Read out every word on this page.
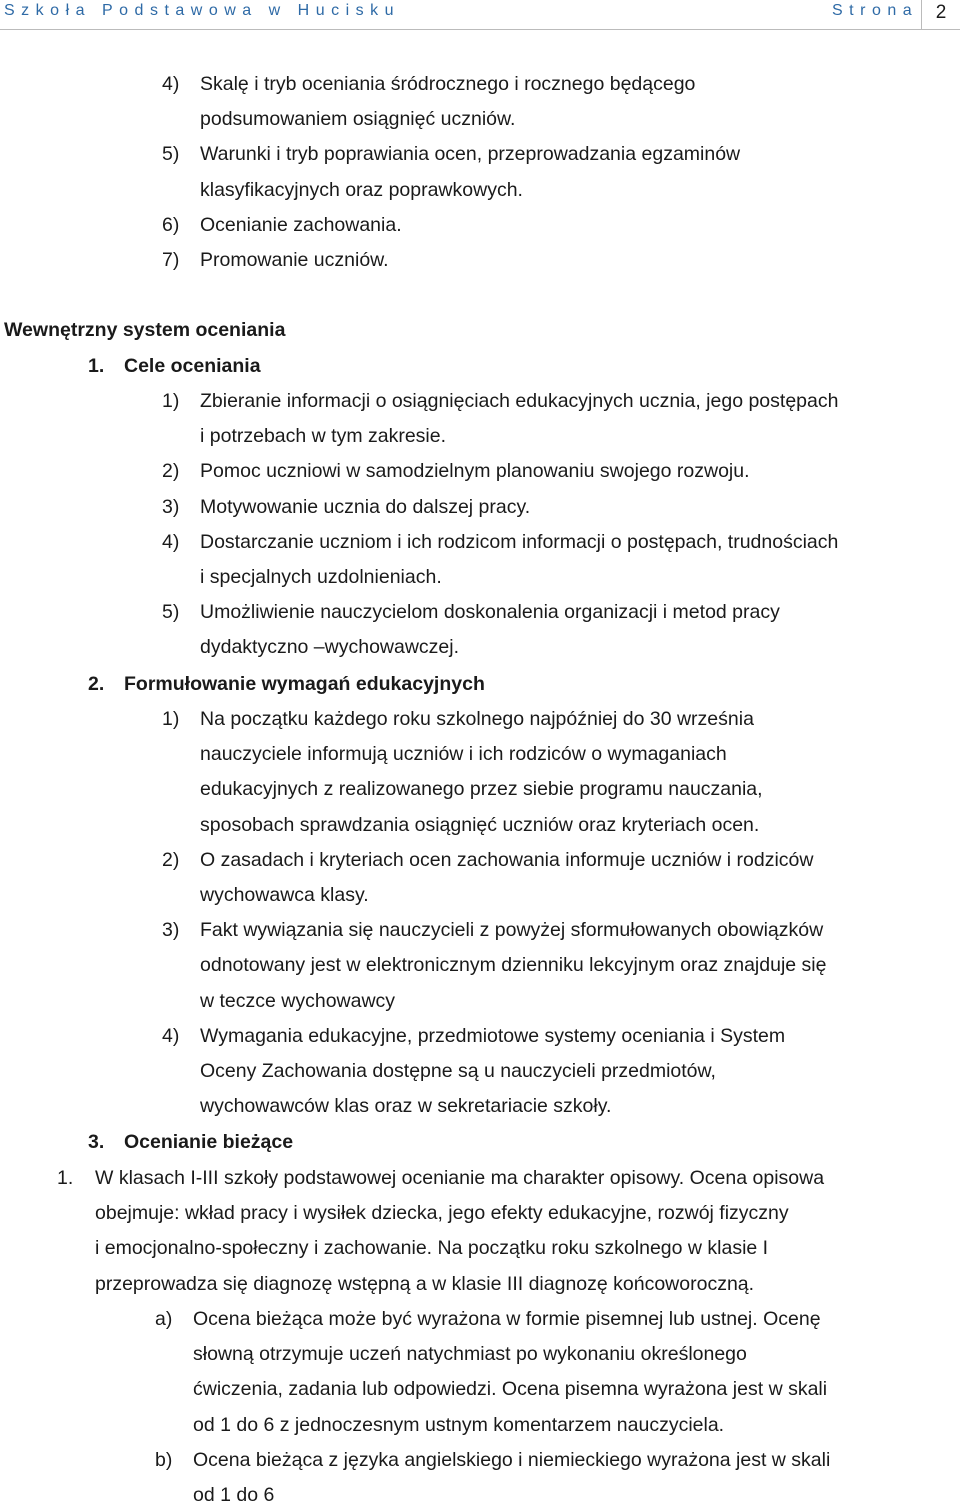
Szkoła Podstawowa w Hucisku	Strona 2
4) Skalę i tryb oceniania śródrocznego i rocznego będącego
podsumowaniem osiągnięć uczniów.
5) Warunki i tryb poprawiania ocen, przeprowadzania egzaminów
klasyfikacyjnych oraz poprawkowych.
6) Ocenianie zachowania.
7) Promowanie uczniów.
Wewnętrzny system oceniania
1. Cele oceniania
1) Zbieranie informacji o osiągnięciach edukacyjnych ucznia, jego postępach
i potrzebach w tym zakresie.
2) Pomoc uczniowi w samodzielnym planowaniu swojego rozwoju.
3) Motywowanie ucznia do dalszej pracy.
4) Dostarczanie uczniom i ich rodzicom informacji o postępach, trudnościach
i specjalnych uzdolnieniach.
5) Umożliwienie nauczycielom doskonalenia organizacji i metod pracy
dydaktyczno –wychowawczej.
2. Formułowanie wymagań edukacyjnych
1) Na początku każdego roku szkolnego najpóźniej do 30 września
nauczyciele informują uczniów i ich rodziców o wymaganiach
edukacyjnych z realizowanego przez siebie programu nauczania,
sposobach sprawdzania osiągnięć uczniów oraz kryteriach ocen.
2) O zasadach i kryteriach ocen zachowania informuje uczniów i rodziców
wychowawca klasy.
3) Fakt wywiązania się nauczycieli z powyżej sformułowanych obowiązków
odnotowany jest w elektronicznym dzienniku lekcyjnym oraz znajduje się
w teczce wychowawcy
4) Wymagania edukacyjne, przedmiotowe systemy oceniania i System
Oceny Zachowania dostępne są u nauczycieli przedmiotów,
wychowawców klas oraz w sekretariacie szkoły.
3. Ocenianie bieżące
1. W klasach I-III szkoły podstawowej ocenianie ma charakter opisowy. Ocena opisowa
obejmuje: wkład pracy i wysiłek dziecka, jego efekty edukacyjne, rozwój fizyczny
i emocjonalno-społeczny i zachowanie. Na początku roku szkolnego w klasie I
przeprowadza się diagnozę wstępną a w klasie III diagnozę końcoworoczną.
a) Ocena bieżąca może być wyrażona w formie pisemnej lub ustnej. Ocenę
słowną otrzymuje uczeń natychmiast po wykonaniu określonego
ćwiczenia, zadania lub odpowiedzi. Ocena pisemna wyrażona jest w skali
od 1 do 6 z jednoczesnym ustnym komentarzem nauczyciela.
b) Ocena bieżąca z języka angielskiego i niemieckiego wyrażona jest w skali
od 1 do 6
